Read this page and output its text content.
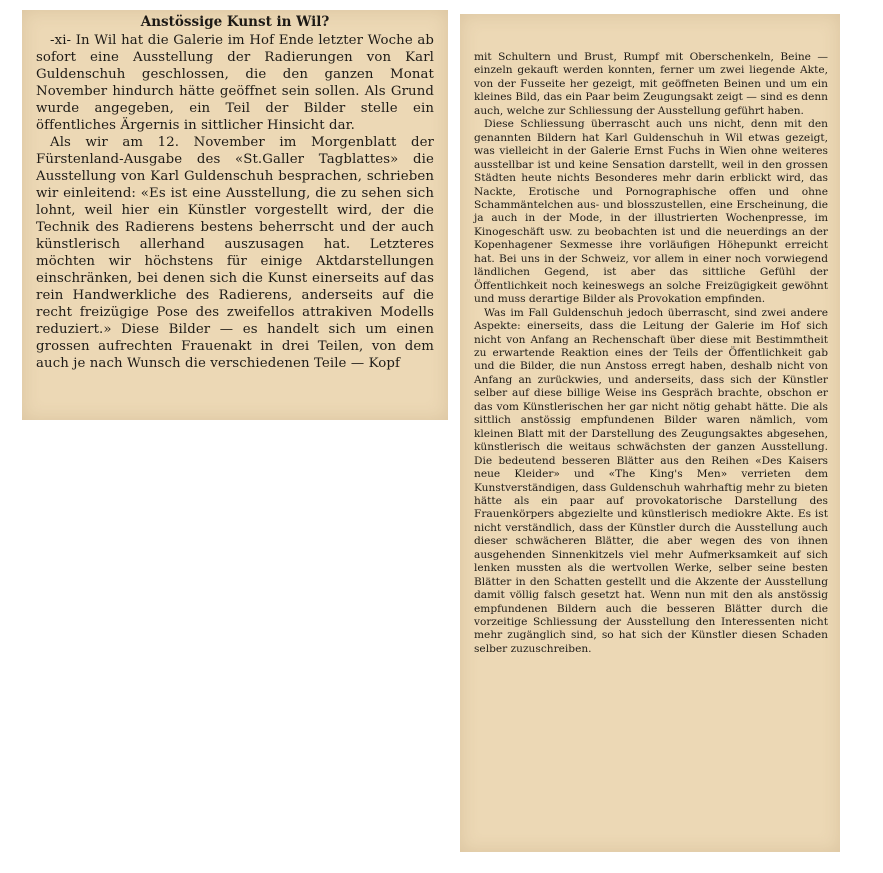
Anstössige Kunst in Wil?

-xi- In Wil hat die Galerie im Hof Ende letzter Woche ab sofort eine Ausstellung der Radierungen von Karl Guldenschuh geschlossen, die den ganzen Monat November hindurch hätte geöffnet sein sollen. Als Grund wurde angegeben, ein Teil der Bilder stelle ein öffentliches Ärgernis in sittlicher Hinsicht dar.

Als wir am 12. November im Morgenblatt der Fürstenland-Ausgabe des «St.Galler Tagblattes» die Ausstellung von Karl Guldenschuh besprachen, schrieben wir einleitend: «Es ist eine Ausstellung, die zu sehen sich lohnt, weil hier ein Künstler vorgestellt wird, der die Technik des Radierens bestens beherrscht und der auch künstlerisch allerhand auszusagen hat. Letzteres möchten wir höchstens für einige Aktdarstellungen einschränken, bei denen sich die Kunst einerseits auf das rein Handwerkliche des Radierens, anderseits auf die recht freizügige Pose des zweifellos attrakiven Modells reduziert.» Diese Bilder — es handelt sich um einen grossen aufrechten Frauenakt in drei Teilen, von dem auch je nach Wunsch die verschiedenen Teile — Kopf

mit Schultern und Brust, Rumpf mit Oberschenkeln, Beine — einzeln gekauft werden konnten, ferner um zwei liegende Akte, von der Fusseite her gezeigt, mit geöffneten Beinen und um ein kleines Bild, das ein Paar beim Zeugungsakt zeigt — sind es denn auch, welche zur Schliessung der Ausstellung geführt haben.

Diese Schliessung überrascht auch uns nicht, denn mit den genannten Bildern hat Karl Guldenschuh in Wil etwas gezeigt, was vielleicht in der Galerie Ernst Fuchs in Wien ohne weiteres ausstellbar ist und keine Sensation darstellt, weil in den grossen Städten heute nichts Besonderes mehr darin erblickt wird, das Nackte, Erotische und Pornographische offen und ohne Schammäntelchen aus- und blosszustellen, eine Erscheinung, die ja auch in der Mode, in der illustrierten Wochenpresse, im Kinogeschäft usw. zu beobachten ist und die neuerdings an der Kopenhagener Sexmesse ihre vorläufigen Höhepunkt erreicht hat. Bei uns in der Schweiz, vor allem in einer noch vorwiegend ländlichen Gegend, ist aber das sittliche Gefühl der Öffentlichkeit noch keineswegs an solche Freizügigkeit gewöhnt und muss derartige Bilder als Provokation empfinden.

Was im Fall Guldenschuh jedoch überrascht, sind zwei andere Aspekte: einerseits, dass die Leitung der Galerie im Hof sich nicht von Anfang an Rechenschaft über diese mit Bestimmtheit zu erwartende Reaktion eines der Teils der Öffentlichkeit gab und die Bilder, die nun Anstoss erregt haben, deshalb nicht von Anfang an zurückwies, und anderseits, dass sich der Künstler selber auf diese billige Weise ins Gespräch brachte, obschon er das vom Künstlerischen her gar nicht nötig gehabt hätte. Die als sittlich anstössig empfundenen Bilder waren nämlich, vom kleinen Blatt mit der Darstellung des Zeugungsaktes abgesehen, künstlerisch die weitaus schwächsten der ganzen Ausstellung. Die bedeutend besseren Blätter aus den Reihen «Des Kaisers neue Kleider» und «The King's Men» verrieten dem Kunstverständigen, dass Guldenschuh wahrhaftig mehr zu bieten hätte als ein paar auf provokatorische Darstellung des Frauenkörpers abgezielte und künstlerisch mediokre Akte. Es ist nicht verständlich, dass der Künstler durch die Ausstellung auch dieser schwächeren Blätter, die aber wegen des von ihnen ausgehenden Sinnenkitzels viel mehr Aufmerksamkeit auf sich lenken mussten als die wertvollen Werke, selber seine besten Blätter in den Schatten gestellt und die Akzente der Ausstellung damit völlig falsch gesetzt hat. Wenn nun mit den als anstössig empfundenen Bildern auch die besseren Blätter durch die vorzeitige Schliessung der Ausstellung den Interessenten nicht mehr zugänglich sind, so hat sich der Künstler diesen Schaden selber zuzuschreiben.
